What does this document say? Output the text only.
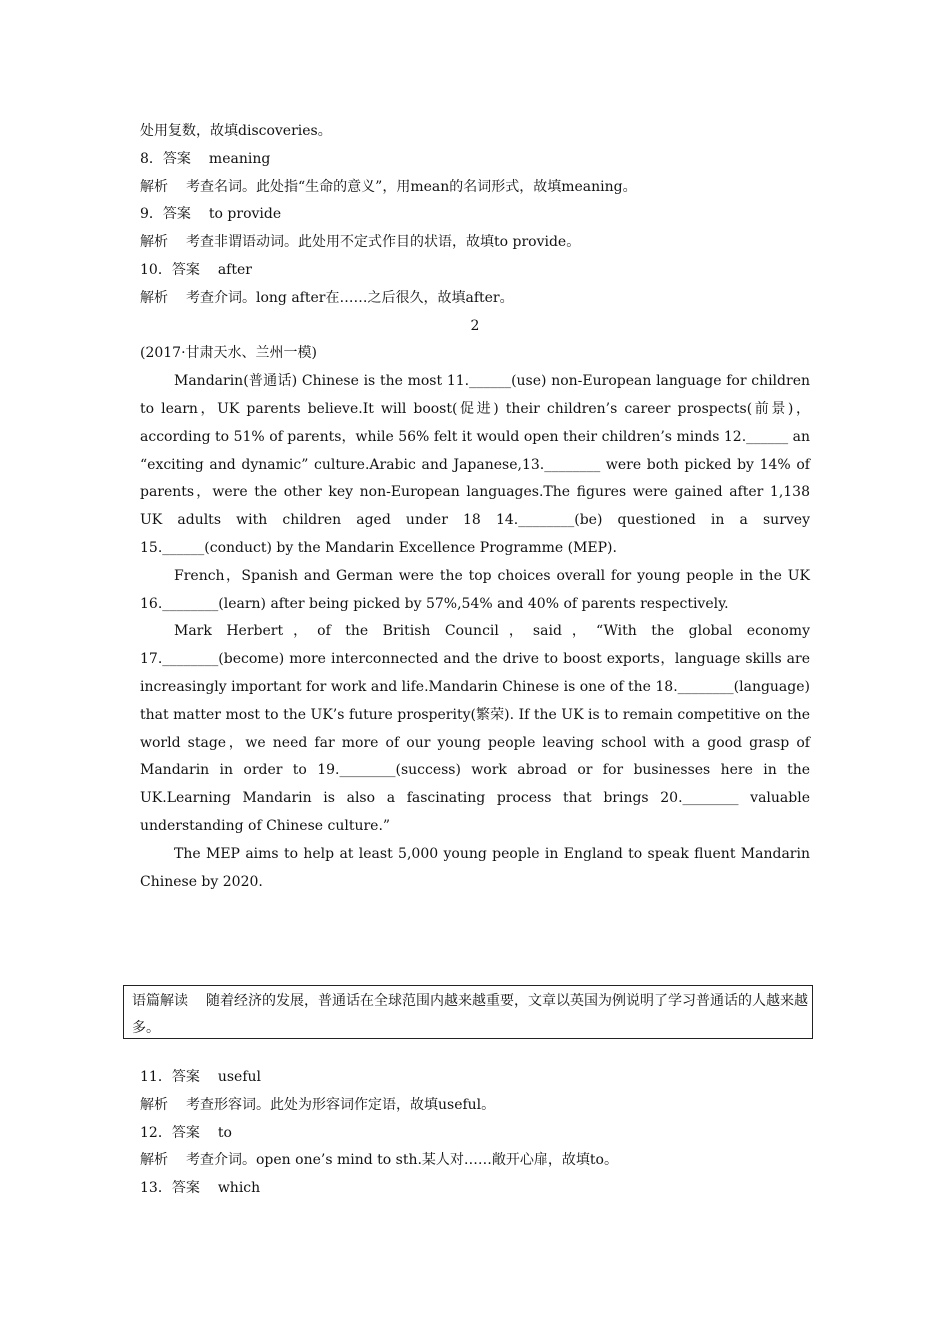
处用复数，故填discoveries。
8．答案 meaning
解析 考查名词。此处指“生命的意义”，用mean的名词形式，故填meaning。
9．答案 to provide
解析 考查非谓语动词。此处用不定式作目的状语，故填to provide。
10．答案 after
解析 考查介词。long after在……之后很久，故填after。
2
(2017·甘肃天水、兰州一模)

Mandarin(普通话) Chinese is the most 11.______(use) non-European language for children to learn，UK parents believe.It will boost(促进) their children’s career prospects(前景)，according to 51% of parents，while 56% felt it would open their children’s minds 12.______ an “exciting and dynamic” culture.Arabic and Japanese,13.________ were both picked by 14% of parents，were the other key non-European languages.The figures were gained after 1,138 UK adults with children aged under 18 14.________(be) questioned in a survey 15.______(conduct) by the Mandarin Excellence Programme (MEP).

French，Spanish and German were the top choices overall for young people in the UK 16.________(learn) after being picked by 57%,54% and 40% of parents respectively.

Mark Herbert，of the British Council，said，“With the global economy 17.________(become) more interconnected and the drive to boost exports，language skills are increasingly important for work and life.Mandarin Chinese is one of the 18.________(language) that matter most to the UK’s future prosperity(繁荣). If the UK is to remain competitive on the world stage，we need far more of our young people leaving school with a good grasp of Mandarin in order to 19.________(success) work abroad or for businesses here in the UK.Learning Mandarin is also a fascinating process that brings 20.________ valuable understanding of Chinese culture.”

The MEP aims to help at least 5,000 young people in England to speak fluent Mandarin Chinese by 2020.

语篇解读 随着经济的发展，普通话在全球范围内越来越重要，文章以英国为例说明了学习普通话的人越来越多。
11．答案 useful
解析 考查形容词。此处为形容词作定语，故填useful。
12．答案 to
解析 考查介词。open one’s mind to sth.某人对……敞开心扉，故填to。
13．答案 which
